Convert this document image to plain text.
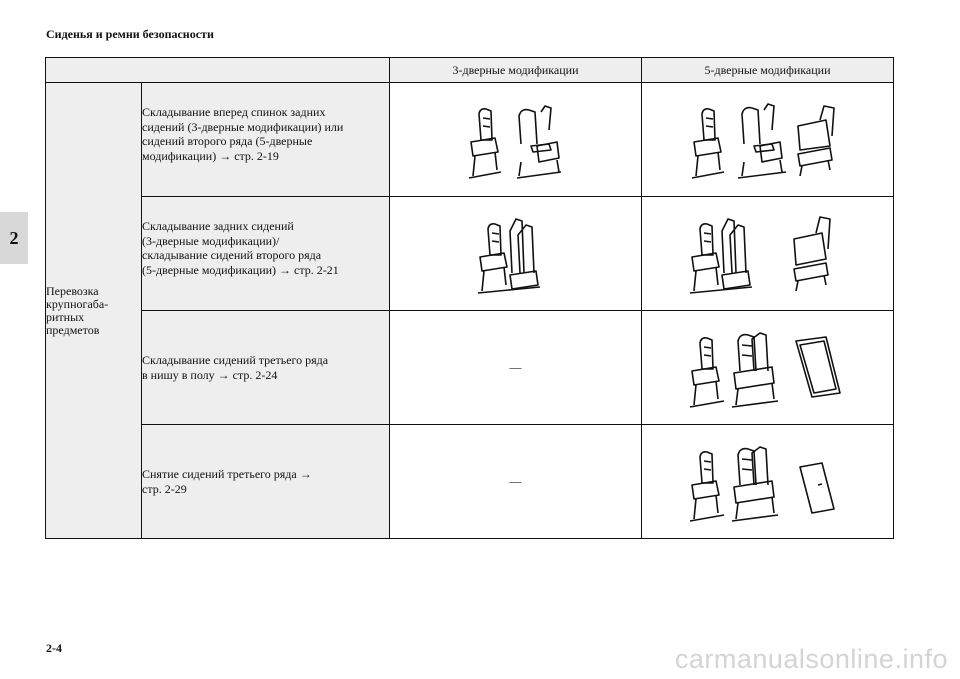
Сиденья и ремни безопасности
2
		3-дверные модификации	5-дверные модификации

Перевозка
крупногаба-
ритных
предметов	Складывание вперед спинок задних
сидений (3-дверные модификации) или
сидений второго ряда (5-дверные
модификации) → стр. 2-19

	Складывание задних сидений
(3-дверные модификации)/
складывание сидений второго ряда
(5-дверные модификации) → стр. 2-21

	Складывание сидений третьего ряда
в нишу в полу → стр. 2-24	—	

	Снятие сидений третьего ряда →
стр. 2-29	—	
2-4	carmanualsonline.info
